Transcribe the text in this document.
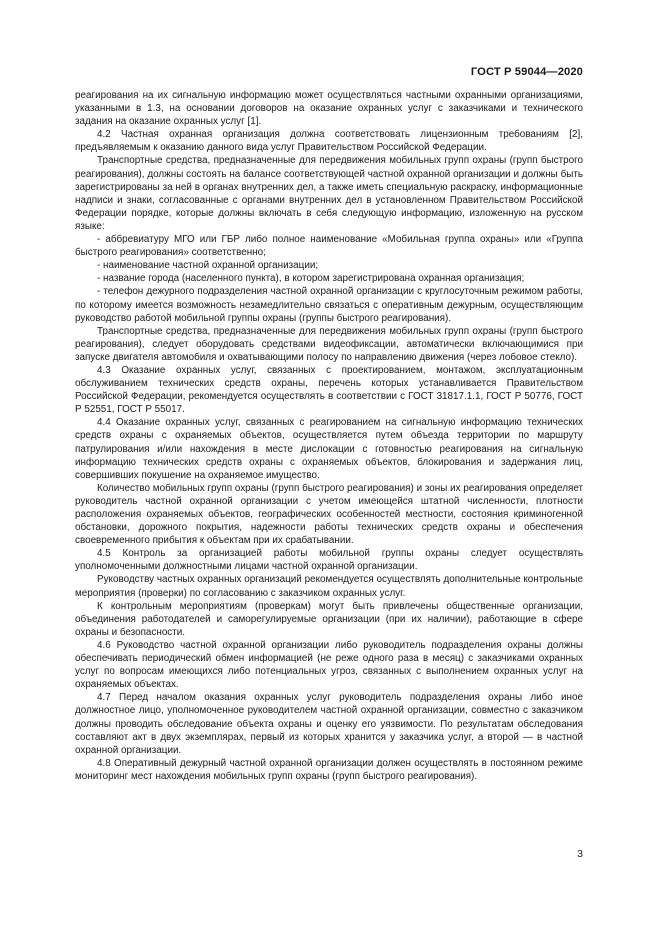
ГОСТ Р 59044—2020

реагирования на их сигнальную информацию может осуществляться частными охранными организациями, указанными в 1.3, на основании договоров на оказание охранных услуг с заказчиками и технического задания на оказание охранных услуг [1].

4.2 Частная охранная организация должна соответствовать лицензионным требованиям [2], предъявляемым к оказанию данного вида услуг Правительством Российской Федерации.

Транспортные средства, предназначенные для передвижения мобильных групп охраны (групп быстрого реагирования), должны состоять на балансе соответствующей частной охранной организации и должны быть зарегистрированы за ней в органах внутренних дел, а также иметь специальную раскраску, информационные надписи и знаки, согласованные с органами внутренних дел в установленном Правительством Российской Федерации порядке, которые должны включать в себя следующую информацию, изложенную на русском языке:

- аббревиатуру МГО или ГБР либо полное наименование «Мобильная группа охраны» или «Группа быстрого реагирования» соответственно;

- наименование частной охранной организации;

- название города (населенного пункта), в котором зарегистрирована охранная организация;

- телефон дежурного подразделения частной охранной организации с круглосуточным режимом работы, по которому имеется возможность незамедлительно связаться с оперативным дежурным, осуществляющим руководство работой мобильной группы охраны (группы быстрого реагирования).

Транспортные средства, предназначенные для передвижения мобильных групп охраны (групп быстрого реагирования), следует оборудовать средствами видеофиксации, автоматически включающимися при запуске двигателя автомобиля и охватывающими полосу по направлению движения (через лобовое стекло).

4.3 Оказание охранных услуг, связанных с проектированием, монтажом, эксплуатационным обслуживанием технических средств охраны, перечень которых устанавливается Правительством Российской Федерации, рекомендуется осуществлять в соответствии с ГОСТ 31817.1.1, ГОСТ Р 50776, ГОСТ Р 52551, ГОСТ Р 55017.

4.4 Оказание охранных услуг, связанных с реагированием на сигнальную информацию технических средств охраны с охраняемых объектов, осуществляется путем объезда территории по маршруту патрулирования и/или нахождения в месте дислокации с готовностью реагирования на сигнальную информацию технических средств охраны с охраняемых объектов, блокирования и задержания лиц, совершивших покушение на охраняемое имущество.

Количество мобильных групп охраны (групп быстрого реагирования) и зоны их реагирования определяет руководитель частной охранной организации с учетом имеющейся штатной численности, плотности расположения охраняемых объектов, географических особенностей местности, состояния криминогенной обстановки, дорожного покрытия, надежности работы технических средств охраны и обеспечения своевременного прибытия к объектам при их срабатывании.

4.5 Контроль за организацией работы мобильной группы охраны следует осуществлять уполномоченными должностными лицами частной охранной организации.

Руководству частных охранных организаций рекомендуется осуществлять дополнительные контрольные мероприятия (проверки) по согласованию с заказчиком охранных услуг.

К контрольным мероприятиям (проверкам) могут быть привлечены общественные организации, объединения работодателей и саморегулируемые организации (при их наличии), работающие в сфере охраны и безопасности.

4.6 Руководство частной охранной организации либо руководитель подразделения охраны должны обеспечивать периодический обмен информацией (не реже одного раза в месяц) с заказчиками охранных услуг по вопросам имеющихся либо потенциальных угроз, связанных с выполнением охранных услуг на охраняемых объектах.

4.7 Перед началом оказания охранных услуг руководитель подразделения охраны либо иное должностное лицо, уполномоченное руководителем частной охранной организации, совместно с заказчиком должны проводить обследование объекта охраны и оценку его уязвимости. По результатам обследования составляют акт в двух экземплярах, первый из которых хранится у заказчика услуг, а второй — в частной охранной организации.

4.8 Оперативный дежурный частной охранной организации должен осуществлять в постоянном режиме мониторинг мест нахождения мобильных групп охраны (групп быстрого реагирования).

3
